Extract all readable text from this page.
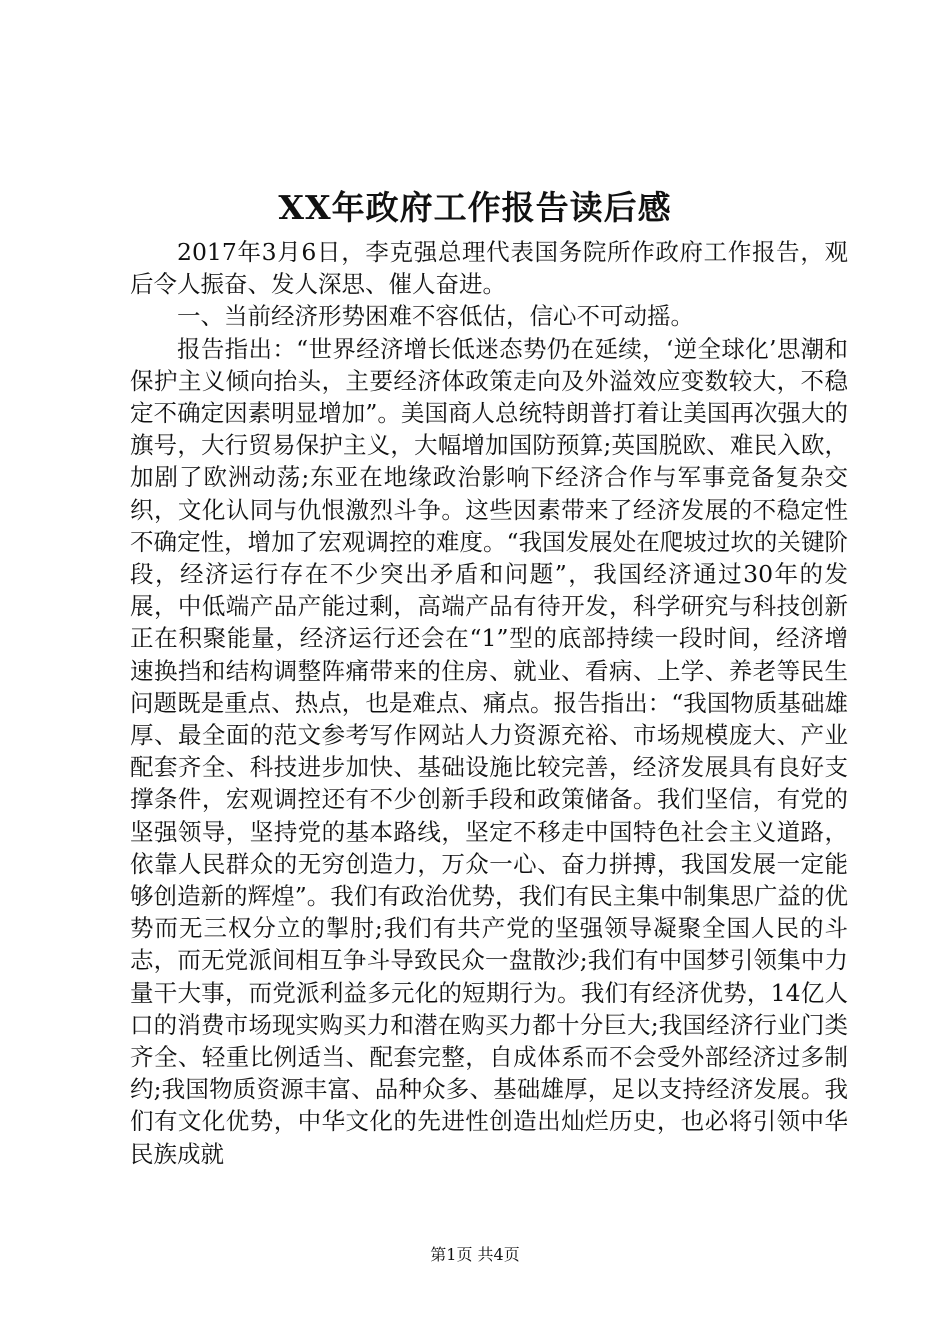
XX年政府工作报告读后感

2017年3月6日，李克强总理代表国务院所作政府工作报告，观后令人振奋、发人深思、催人奋进。

一、当前经济形势困难不容低估，信心不可动摇。

报告指出：“世界经济增长低迷态势仍在延续，‘逆全球化’思潮和保护主义倾向抬头，主要经济体政策走向及外溢效应变数较大，不稳定不确定因素明显增加”。美国商人总统特朗普打着让美国再次强大的旗号，大行贸易保护主义，大幅增加国防预算;英国脱欧、难民入欧，加剧了欧洲动荡;东亚在地缘政治影响下经济合作与军事竞备复杂交织，文化认同与仇恨激烈斗争。这些因素带来了经济发展的不稳定性不确定性，增加了宏观调控的难度。“我国发展处在爬坡过坎的关键阶段，经济运行存在不少突出矛盾和问题”，我国经济通过30年的发展，中低端产品产能过剩，高端产品有待开发，科学研究与科技创新正在积聚能量，经济运行还会在“1”型的底部持续一段时间，经济增速换挡和结构调整阵痛带来的住房、就业、看病、上学、养老等民生问题既是重点、热点，也是难点、痛点。报告指出：“我国物质基础雄厚、最全面的范文参考写作网站人力资源充裕、市场规模庞大、产业配套齐全、科技进步加快、基础设施比较完善，经济发展具有良好支撑条件，宏观调控还有不少创新手段和政策储备。我们坚信，有党的坚强领导，坚持党的基本路线，坚定不移走中国特色社会主义道路，依靠人民群众的无穷创造力，万众一心、奋力拼搏，我国发展一定能够创造新的辉煌”。我们有政治优势，我们有民主集中制集思广益的优势而无三权分立的掣肘;我们有共产党的坚强领导凝聚全国人民的斗志，而无党派间相互争斗导致民众一盘散沙;我们有中国梦引领集中力量干大事，而党派利益多元化的短期行为。我们有经济优势，14亿人口的消费市场现实购买力和潜在购买力都十分巨大;我国经济行业门类齐全、轻重比例适当、配套完整，自成体系而不会受外部经济过多制约;我国物质资源丰富、品种众多、基础雄厚，足以支持经济发展。我们有文化优势，中华文化的先进性创造出灿烂历史，也必将引领中华民族成就

第1页 共4页
